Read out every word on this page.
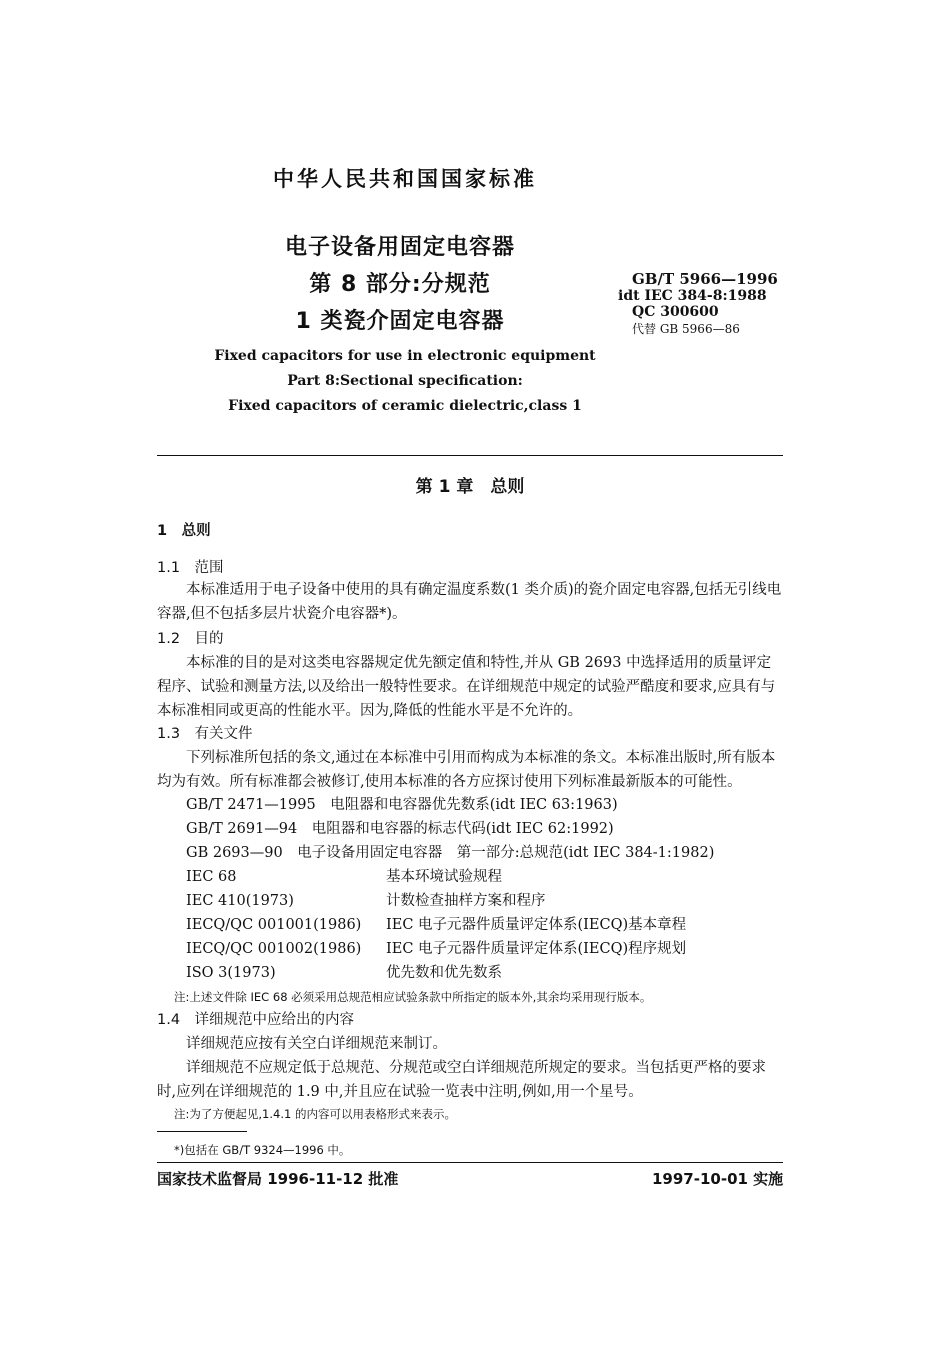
中华人民共和国国家标准
电子设备用固定电容器
第 8 部分:分规范
1 类瓷介固定电容器
GB/T 5966—1996
idt IEC 384-8:1988
QC 300600
代替 GB 5966—86
Fixed capacitors for use in electronic equipment
Part 8:Sectional specification:
Fixed capacitors of ceramic dielectric,class 1
第 1 章　总则
1　总则
1.1　范围
本标准适用于电子设备中使用的具有确定温度系数(1 类介质)的瓷介固定电容器,包括无引线电容器,但不包括多层片状瓷介电容器*)。
1.2　目的
本标准的目的是对这类电容器规定优先额定值和特性,并从 GB 2693 中选择适用的质量评定程序、试验和测量方法,以及给出一般特性要求。在详细规范中规定的试验严酷度和要求,应具有与本标准相同或更高的性能水平。因为,降低的性能水平是不允许的。
1.3　有关文件
下列标准所包括的条文,通过在本标准中引用而构成为本标准的条文。本标准出版时,所有版本均为有效。所有标准都会被修订,使用本标准的各方应探讨使用下列标准最新版本的可能性。
GB/T 2471—1995　电阻器和电容器优先数系(idt IEC 63:1963)
GB/T 2691—94　电阻器和电容器的标志代码(idt IEC 62:1992)
GB 2693—90　电子设备用固定电容器　第一部分:总规范(idt IEC 384-1:1982)
IEC 68	基本环境试验规程
IEC 410(1973)	计数检查抽样方案和程序
IECQ/QC 001001(1986) IEC 电子元器件质量评定体系(IECQ)基本章程
IECQ/QC 001002(1986) IEC 电子元器件质量评定体系(IECQ)程序规划
ISO 3(1973)	优先数和优先数系
注:上述文件除 IEC 68 必须采用总规范相应试验条款中所指定的版本外,其余均采用现行版本。
1.4　详细规范中应给出的内容
详细规范应按有关空白详细规范来制订。
详细规范不应规定低于总规范、分规范或空白详细规范所规定的要求。当包括更严格的要求时,应列在详细规范的 1.9 中,并且应在试验一览表中注明,例如,用一个星号。
注:为了方便起见,1.4.1 的内容可以用表格形式来表示。
*)包括在 GB/T 9324—1996 中。
国家技术监督局 1996-11-12 批准	1997-10-01 实施
